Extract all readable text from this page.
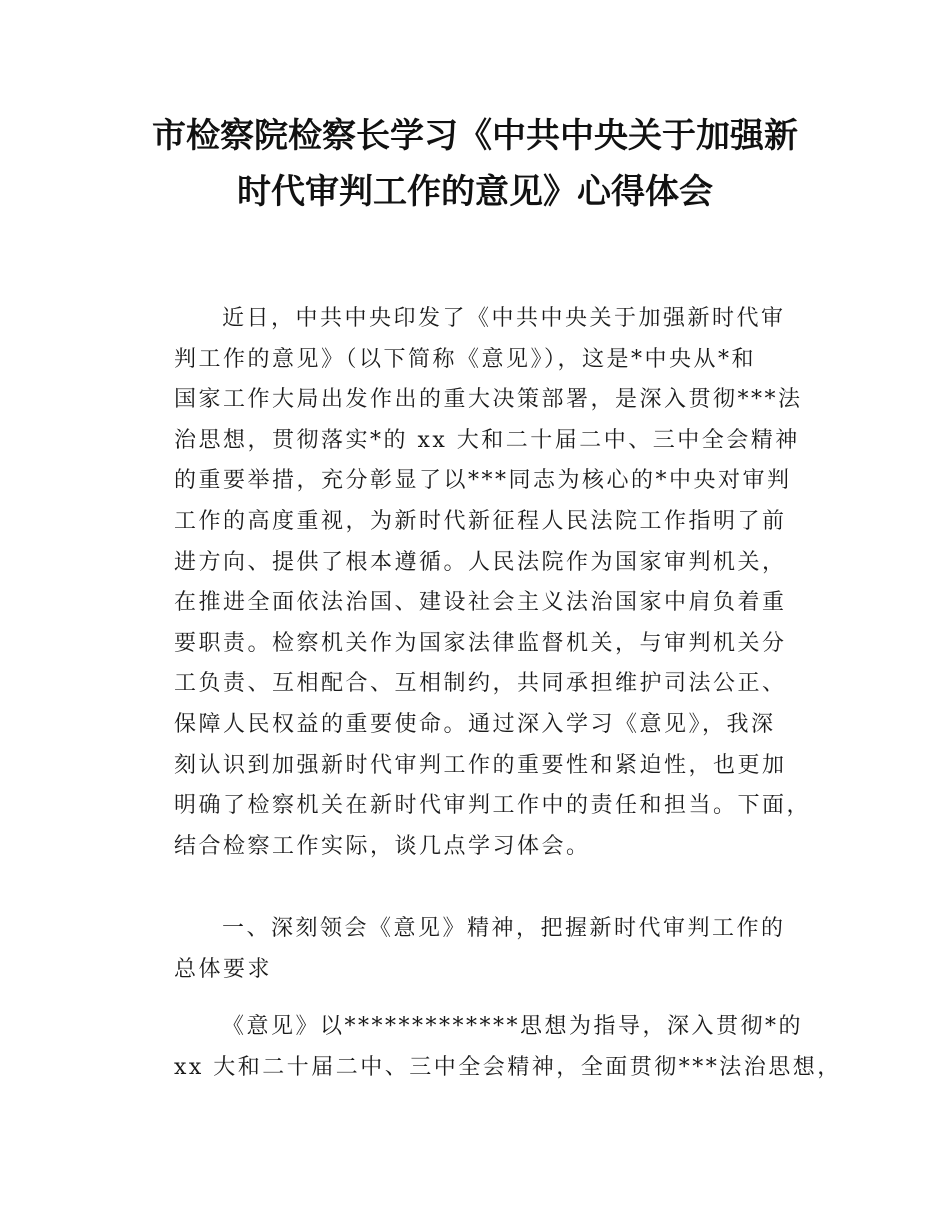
市检察院检察长学习《中共中央关于加强新
时代审判工作的意见》心得体会
近日，中共中央印发了《中共中央关于加强新时代审
判工作的意见》（以下简称《意见》），这是*中央从*和
国家工作大局出发作出的重大决策部署，是深入贯彻***法
治思想，贯彻落实*的 xx 大和二十届二中、三中全会精神
的重要举措，充分彰显了以***同志为核心的*中央对审判
工作的高度重视，为新时代新征程人民法院工作指明了前
进方向、提供了根本遵循。人民法院作为国家审判机关，
在推进全面依法治国、建设社会主义法治国家中肩负着重
要职责。检察机关作为国家法律监督机关，与审判机关分
工负责、互相配合、互相制约，共同承担维护司法公正、
保障人民权益的重要使命。通过深入学习《意见》，我深
刻认识到加强新时代审判工作的重要性和紧迫性，也更加
明确了检察机关在新时代审判工作中的责任和担当。下面，
结合检察工作实际，谈几点学习体会。
一、深刻领会《意见》精神，把握新时代审判工作的
总体要求
《意见》以*************思想为指导，深入贯彻*的
xx 大和二十届二中、三中全会精神，全面贯彻***法治思想，
